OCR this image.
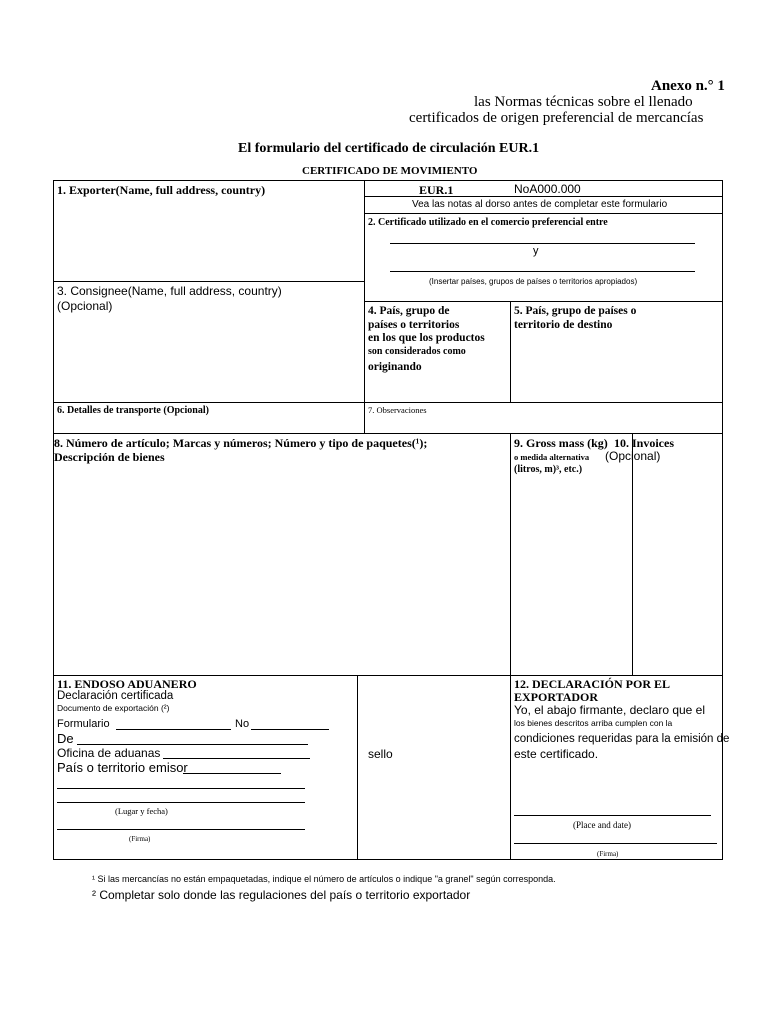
Anexo n.° 1
las Normas técnicas sobre el llenado
certificados de origen preferencial de mercancías
El formulario del certificado de circulación EUR.1
CERTIFICADO DE MOVIMIENTO
1. Exporter(Name, full address, country)	EUR.1	NoA000.000
Vea las notas al dorso antes de completar este formulario
2. Certificado utilizado en el comercio preferencial entre
y
(Insertar países, grupos de países o territorios apropiados)
3. Consignee(Name, full address, country)
(Opcional)	4. País, grupo de
países o territorios
en los que los productos
son considerados como
originando
5. País, grupo de países o
territorio de destino
6. Detalles de transporte (Opcional)	7. Observaciones
8. Número de artículo; Marcas y números; Número y tipo de paquetes(¹);
Descripción de bienes
9. Gross mass (kg)
o medida alternativa
(litros, m)³, etc.)
10. Invoices
(Opcional)
11. ENDOSO ADUANERO
Declaración certificada
Documento de exportación (²)
Formulario	No
De
Oficina de aduanas
País o territorio emisor
(Lugar y fecha)
(Firma)
sello
12. DECLARACIÓN POR EL
EXPORTADOR
Yo, el abajo firmante, declaro que el
los bienes descritos arriba cumplen con la
condiciones requeridas para la emisión de
este certificado.
(Place and date)
(Firma)
¹ Si las mercancías no están empaquetadas, indique el número de artículos o indique "a granel" según corresponda.
² Completar solo donde las regulaciones del país o territorio exportador
